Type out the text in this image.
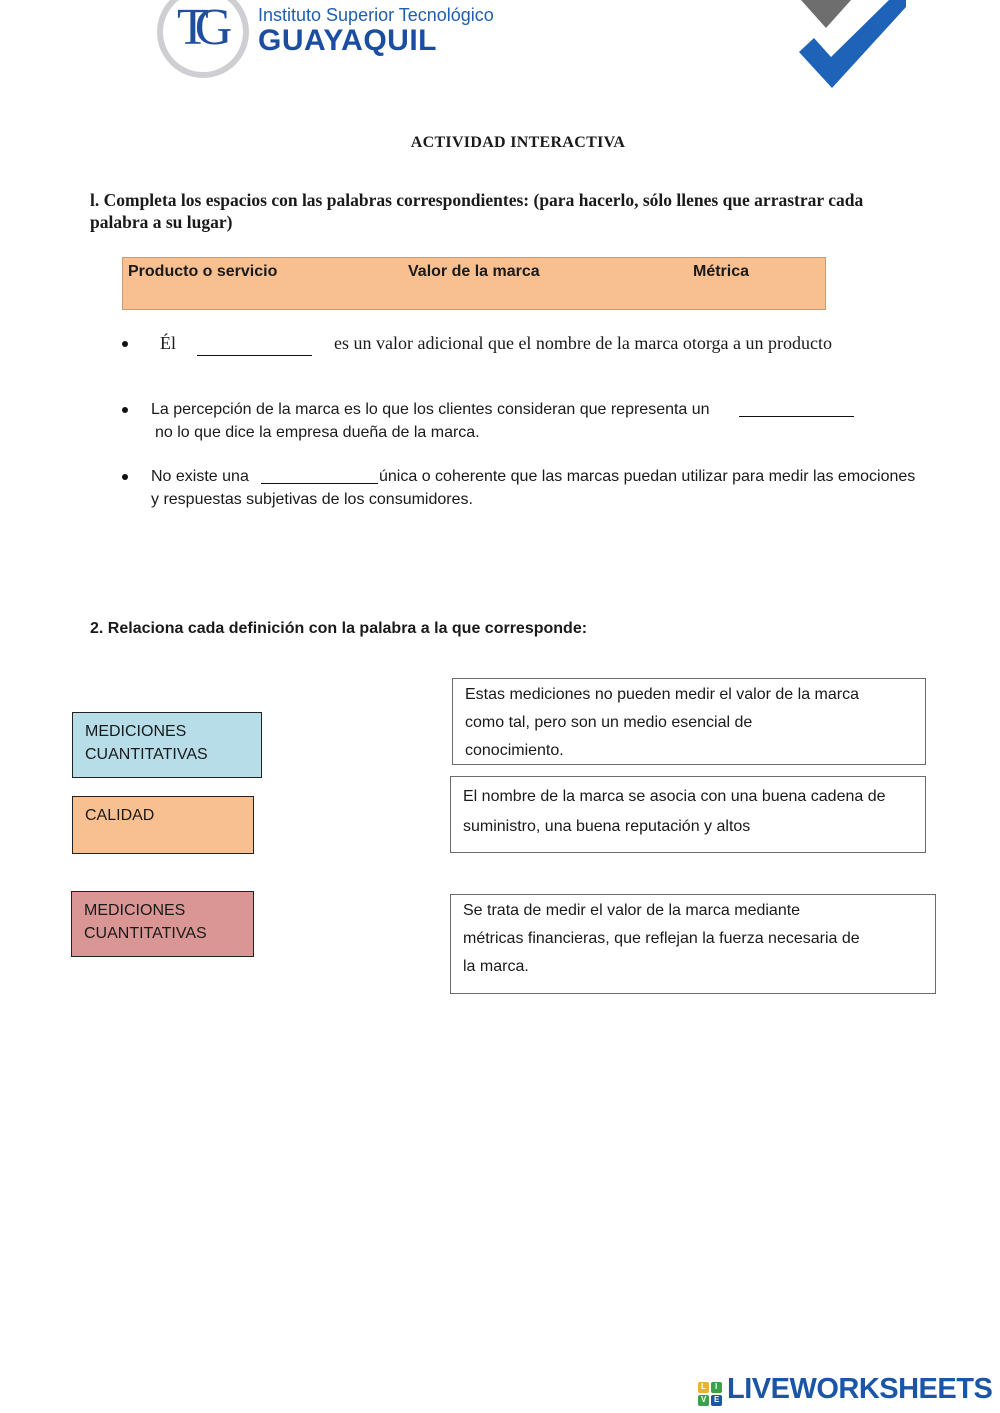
TG Instituto Superior Tecnológico
GUAYAQUIL
ACTIVIDAD INTERACTIVA
l. Completa los espacios con las palabras correspondientes: (para hacerlo, sólo llenes que arrastrar cada palabra a su lugar)
Producto o servicio	Valor de la marca	Métrica
Él	es un valor adicional que el nombre de la marca otorga a un producto
La percepción de la marca es lo que los clientes consideran que representa un
no lo que dice la empresa dueña de la marca.
No existe una	única o coherente que las marcas puedan utilizar para medir las emociones
y respuestas subjetivas de los consumidores.
2. Relaciona cada definición con la palabra a la que corresponde:
MEDICIONES
CUANTITATIVAS
CALIDAD
MEDICIONES
CUANTITATIVAS
Estas mediciones no pueden medir el valor de la marca
como tal, pero son un medio esencial de
conocimiento.
El nombre de la marca se asocia con una buena cadena de
suministro, una buena reputación y altos
Se trata de medir el valor de la marca mediante
métricas financieras, que reflejan la fuerza necesaria de
la marca.
L I
V E LIVEWORKSHEETS
